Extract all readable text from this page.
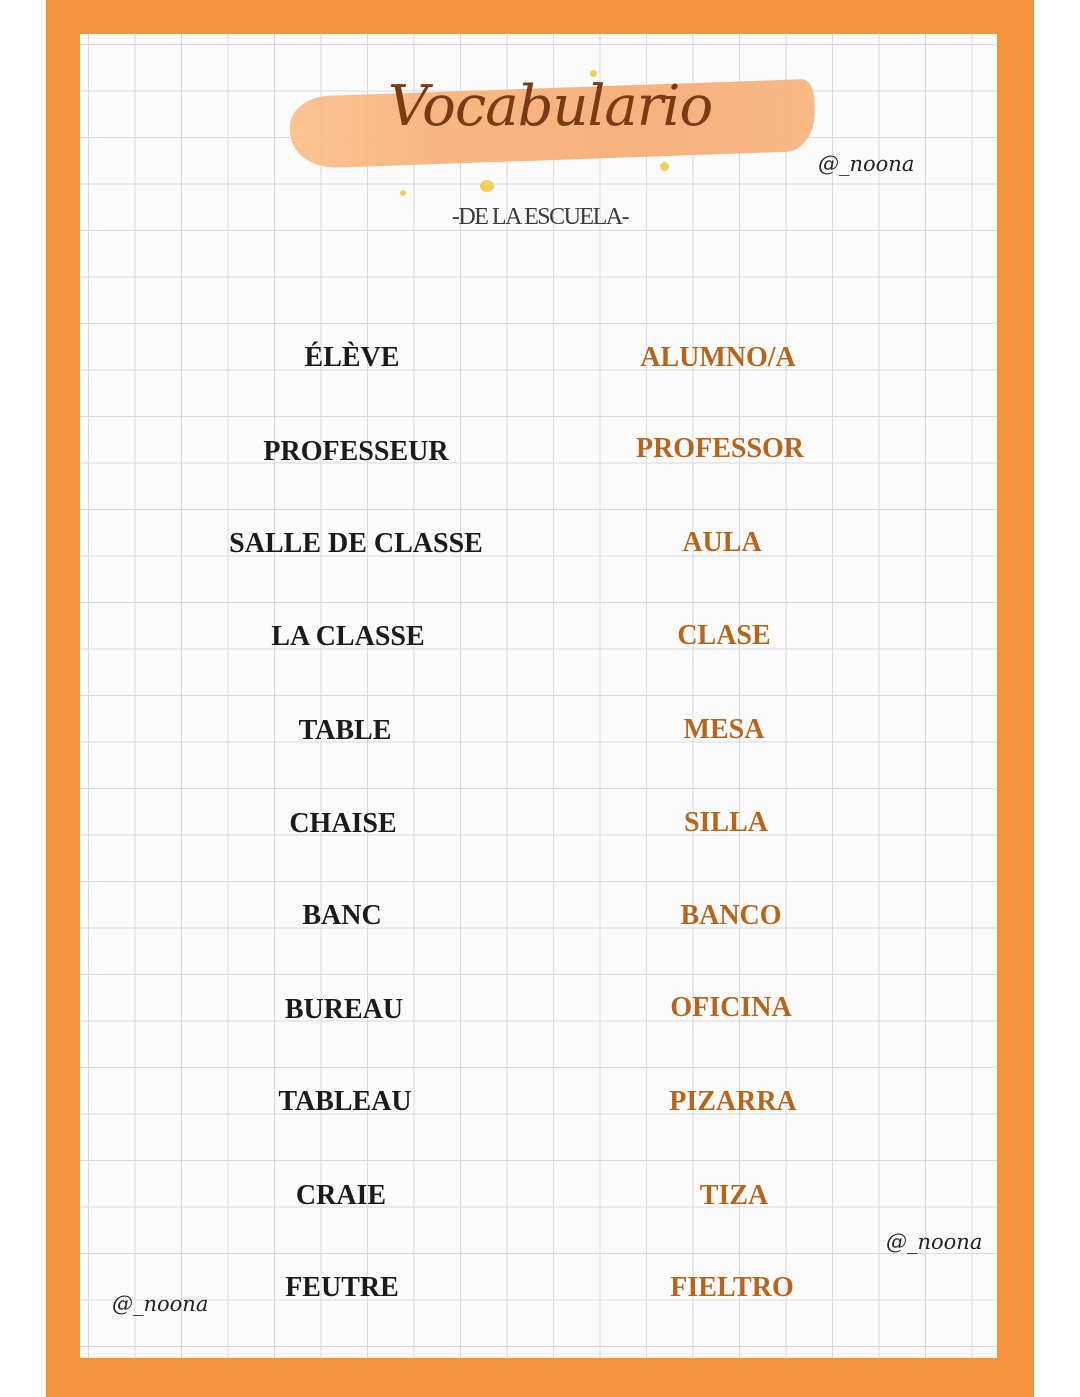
Vocabulario
-DE LA ESCUELA-
@_noona
@_noona
@_noona
ÉLÈVE	ALUMNO/A
PROFESSEUR	PROFESSOR
SALLE DE CLASSE	AULA
LA CLASSE	CLASE
TABLE	MESA
CHAISE	SILLA
BANC	BANCO
BUREAU	OFICINA
TABLEAU	PIZARRA
CRAIE	TIZA
FEUTRE	FIELTRO
